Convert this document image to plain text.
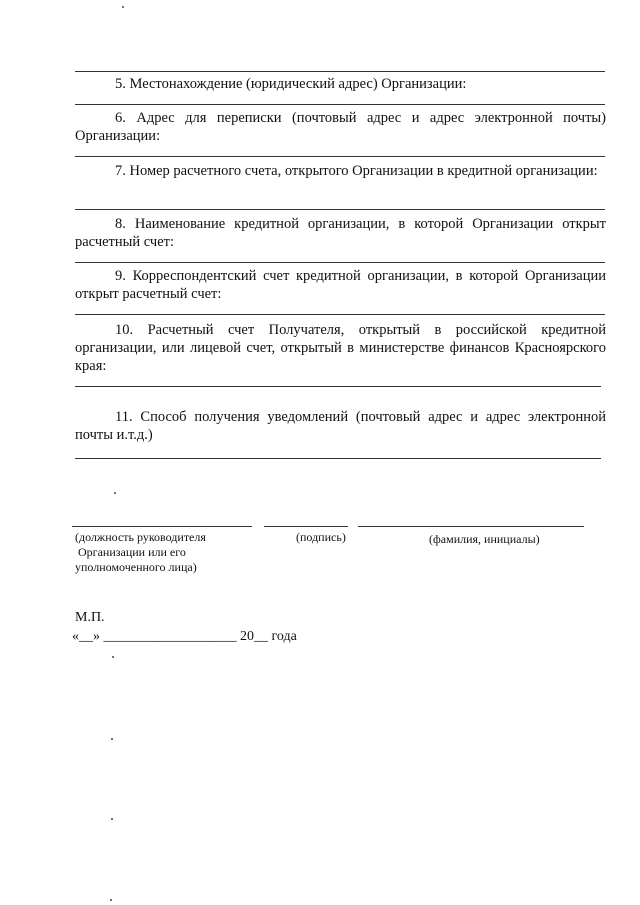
5. Местонахождение (юридический адрес) Организации:

6. Адрес для переписки (почтовый адрес и адрес электронной почты) Организации:

7. Номер расчетного счета, открытого Организации в кредитной организации:

8. Наименование кредитной организации, в которой Организации открыт расчетный счет:

9. Корреспондентский счет кредитной организации, в которой Организации открыт расчетный счет:

10. Расчетный счет Получателя, открытый в российской кредитной организации, или лицевой счет, открытый в министерстве финансов Красноярского края:

11. Способ получения уведомлений (почтовый адрес и адрес электронной почты и.т.д.)

(должность руководителя
Организации или его
уполномоченного лица)
(подпись)	(фамилия, инициалы)
М.П.
«__» ___________________ 20__ года
